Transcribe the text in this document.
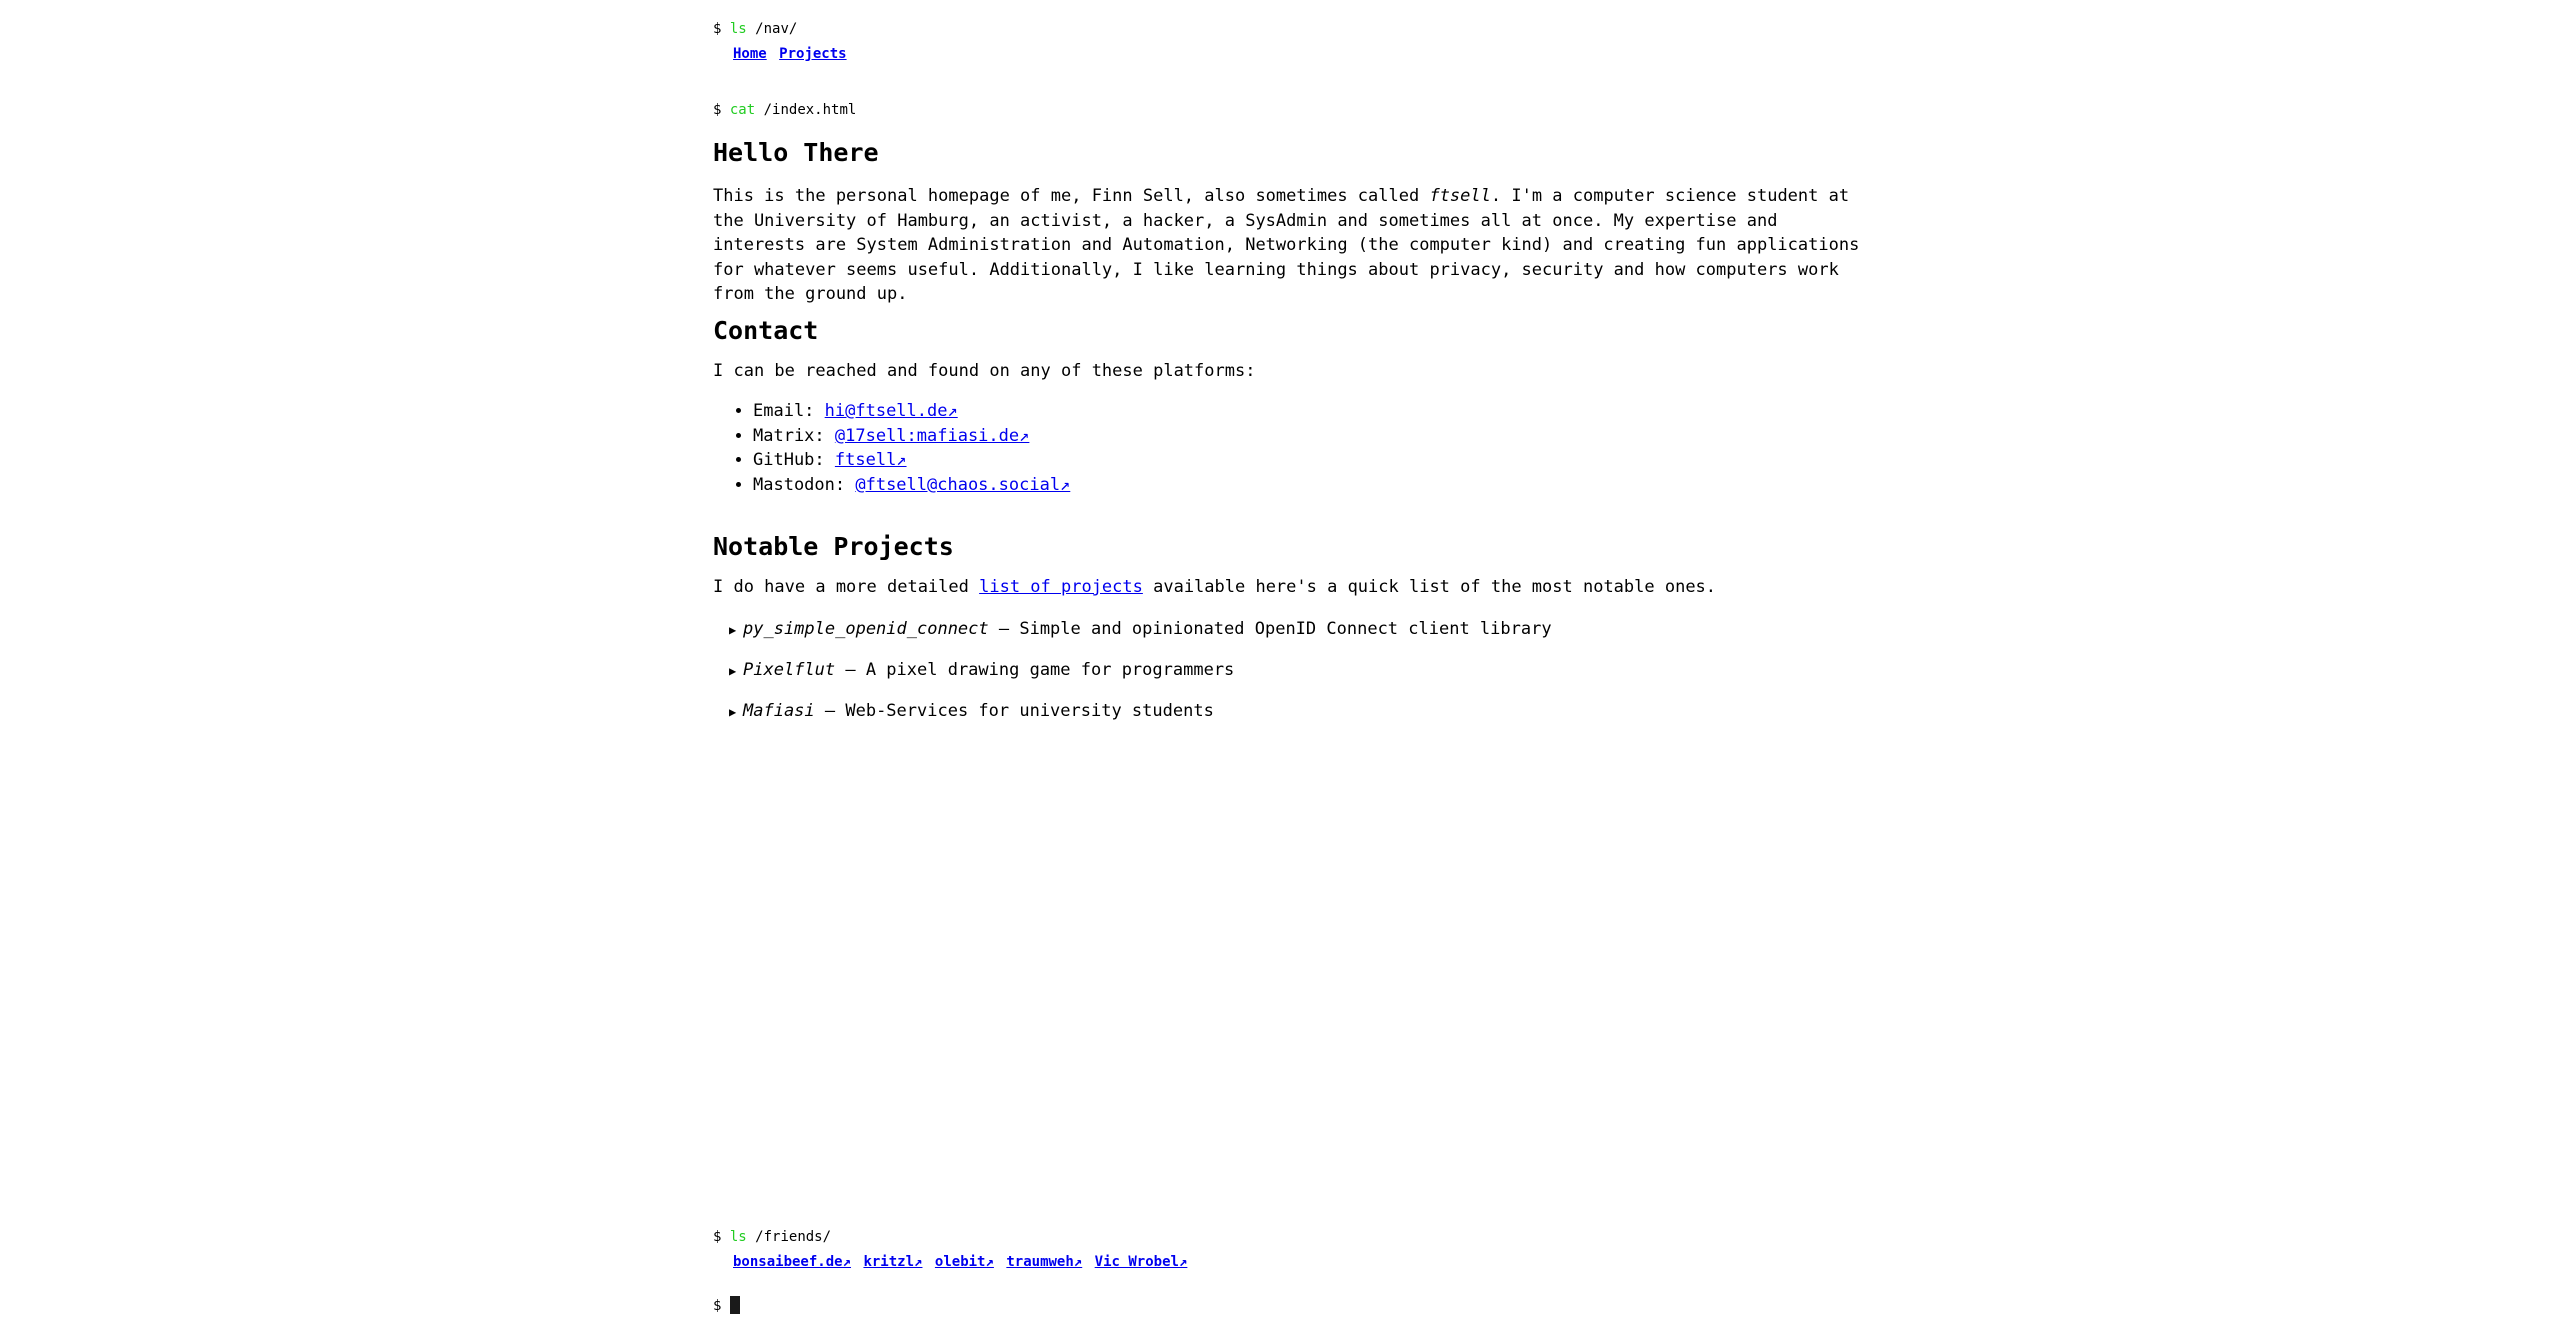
$ ls /nav/
Home Projects
$ cat /index.html
Hello There

This is the personal homepage of me, Finn Sell, also sometimes called ftsell. I'm a computer science student at the University of Hamburg, an activist, a hacker, a SysAdmin and sometimes all at once. My expertise and interests are System Administration and Automation, Networking (the computer kind) and creating fun applications for whatever seems useful. Additionally, I like learning things about privacy, security and how computers work from the ground up.

Contact

I can be reached and found on any of these platforms:

• Email: hi@ftsell.de↗
• Matrix: @17sell:mafiasi.de↗
• GitHub: ftsell↗
• Mastodon: @ftsell@chaos.social↗
Notable Projects

I do have a more detailed list of projects available here's a quick list of the most notable ones.

▶ py_simple_openid_connect – Simple and opinionated OpenID Connect client library
▶ Pixelflut – A pixel drawing game for programmers
▶ Mafiasi – Web-Services for university students
$ ls /friends/
bonsaibeef.de↗ kritzl↗ olebit↗ traumweh↗ Vic Wrobel↗
$
